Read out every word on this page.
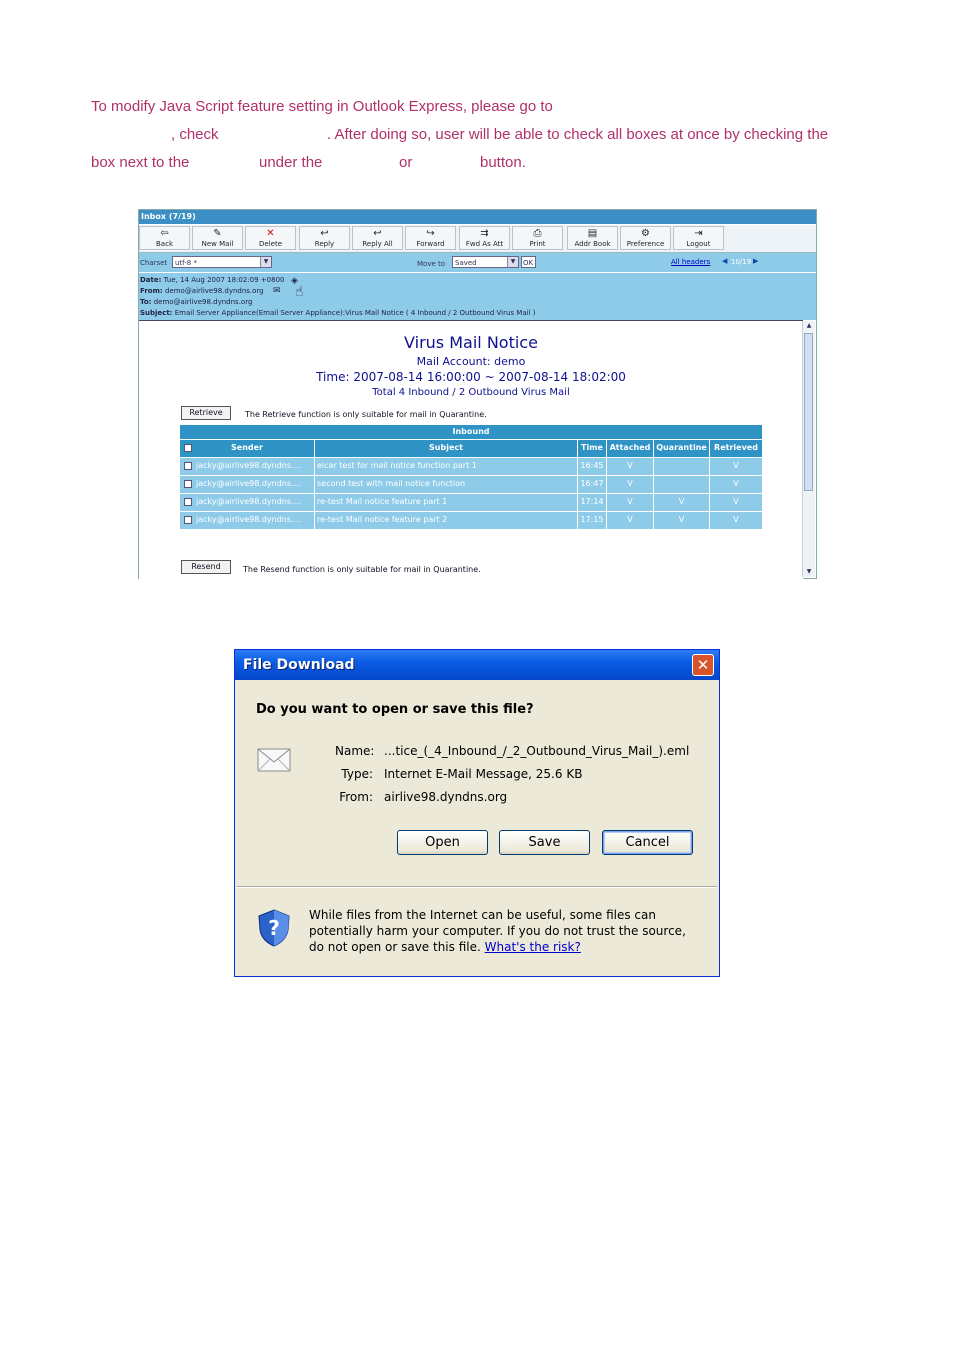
To modify Java Script feature setting in Outlook Express, please go to
, check	. After doing so, user will be able to check all boxes at once by checking the
box next to the	under the	or	button.
Inbox (7/19)
⇦
Back
✎
New Mail
✕
Delete
↩
Reply
↩
Reply All
↪
Forward
⇉
Fwd As Att
⎙
Print
▤
Addr Book
⚙
Preference
⇥
Logout
Charset	utf-8 *	▼	Move to	Saved	▼	OK	All headers ◀ 10/19 ▶
Date: Tue, 14 Aug 2007 18:02:09 +0800
From: demo@airlive98.dyndns.org
To: demo@airlive98.dyndns.org
Subject: Email Server Appliance(Email Server Appliance):Virus Mail Notice ( 4 Inbound / 2 Outbound Virus Mail )
✉
◈
☝
▲
▼
Virus Mail Notice
Mail Account: demo
Time: 2007-08-14 16:00:00 ~ 2007-08-14 18:02:00
Total 4 Inbound / 2 Outbound Virus Mail
Retrieve	The Retrieve function is only suitable for mail in Quarantine.
Inbound
Sender	Subject	Time Attached Quarantine Retrieved
jacky@airlive98.dyndns....	eicar test for mail notice function part 1	16:45	V	V
jacky@airlive98.dyndns....	second test with mail notice function	16:47	V	V
jacky@airlive98.dyndns....	re-test Mail notice feature part 1	17:14	V	V	V
jacky@airlive98.dyndns....	re-test Mail notice feature part 2	17:15	V	V	V
Resend	The Resend function is only suitable for mail in Quarantine.
File Download	✕
Do you want to open or save this file?
Name: ...tice_(_4_Inbound_/_2_Outbound_Virus_Mail_).eml
Type: Internet E-Mail Message, 25.6 KB
From: airlive98.dyndns.org
Open	Save	Cancel
?
While files from the Internet can be useful, some files can potentially harm your computer. If you do not trust the source, do not open or save this file. What's the risk?
